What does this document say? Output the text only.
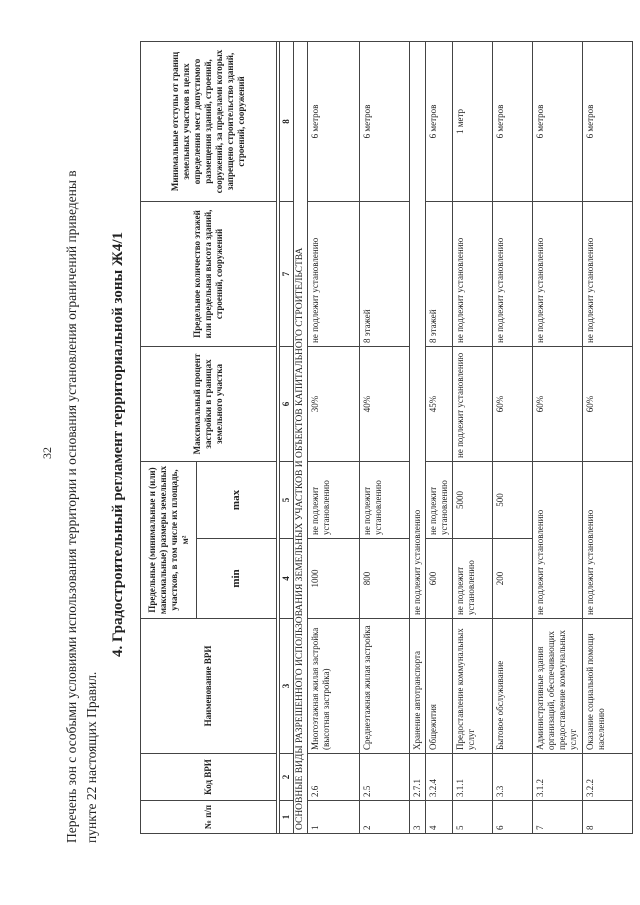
32 Перечень зон с особыми условиями использования территории и основания установления ограничений приведены в пункте 22 настоящих Правил.
4. Градостроительный регламент территориальной зоны Ж4/1
№ п/п	Код ВРИ	Наименование ВРИ	Предельные (минимальные и (или) максимальные) размеры земельных участков, в том числе их площадь, м²		Максимальный процент застройки в границах земельного участка	Предельное количество этажей или предельная высота зданий, строений, сооружений	Минимальные отступы от границ земельных участков в целях определения мест допустимого размещения зданий, строений, сооружений, за пределами которых запрещено строительство зданий, строений, сооружений
			min	max			

1	2	3	4	5	6	7	8
ОСНОВНЫЕ ВИДЫ РАЗРЕШЕННОГО ИСПОЛЬЗОВАНИЯ ЗЕМЕЛЬНЫХ УЧАСТКОВ И ОБЪЕКТОВ КАПИТАЛЬНОГО СТРОИТЕЛЬСТВА							
1	2.6	Многоэтажная жилая застройка (высотная застройка)	1000	не подлежит установлению	30%	не подлежит установлению	6 метров
2	2.5	Среднеэтажная жилая застройка	800	не подлежит установлению	40%	8 этажей	6 метров
3	2.7.1	Хранение автотранспорта	не подлежит установлению				
4	3.2.4	Общежития	600	не подлежит установлению	45%	8 этажей	6 метров
5	3.1.1	Предоставление коммунальных услуг	не подлежит установлению	5000	не подлежит установлению	не подлежит установлению	1 метр
6	3.3	Бытовое обслуживание	200	500	60%	не подлежит установлению	6 метров
7	3.1.2	Административные здания организаций, обеспечивающих предоставление коммунальных услуг	не подлежит установлению		60%	не подлежит установлению	6 метров
8	3.2.2	Оказание социальной помощи населению	не подлежит установлению		60%	не подлежит установлению	6 метров
